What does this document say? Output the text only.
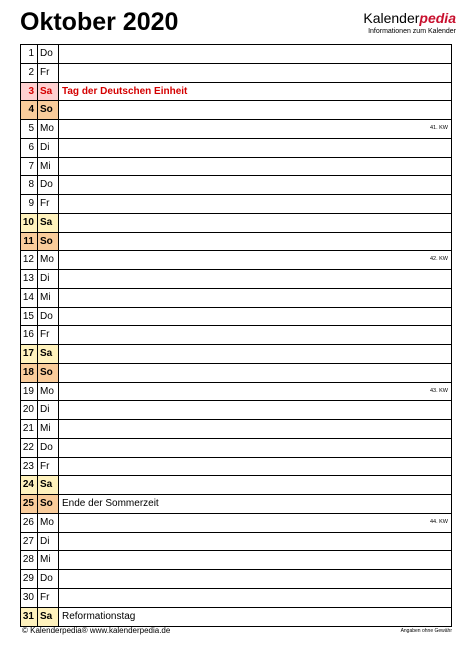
Oktober 2020	Kalenderpedia
Informationen zum Kalender
1 Do
2 Fr
3 Sa Tag der Deutschen Einheit
4 So
5 Mo	41. KW
6 Di
7 Mi
8 Do
9 Fr
10 Sa
11 So
12 Mo	42. KW
13 Di
14 Mi
15 Do
16 Fr
17 Sa
18 So
19 Mo	43. KW
20 Di
21 Mi
22 Do
23 Fr
24 Sa
25 So Ende der Sommerzeit
26 Mo	44. KW
27 Di
28 Mi
29 Do
30 Fr
31 Sa Reformationstag
© Kalenderpedia® www.kalenderpedia.de	Angaben ohne Gewähr
